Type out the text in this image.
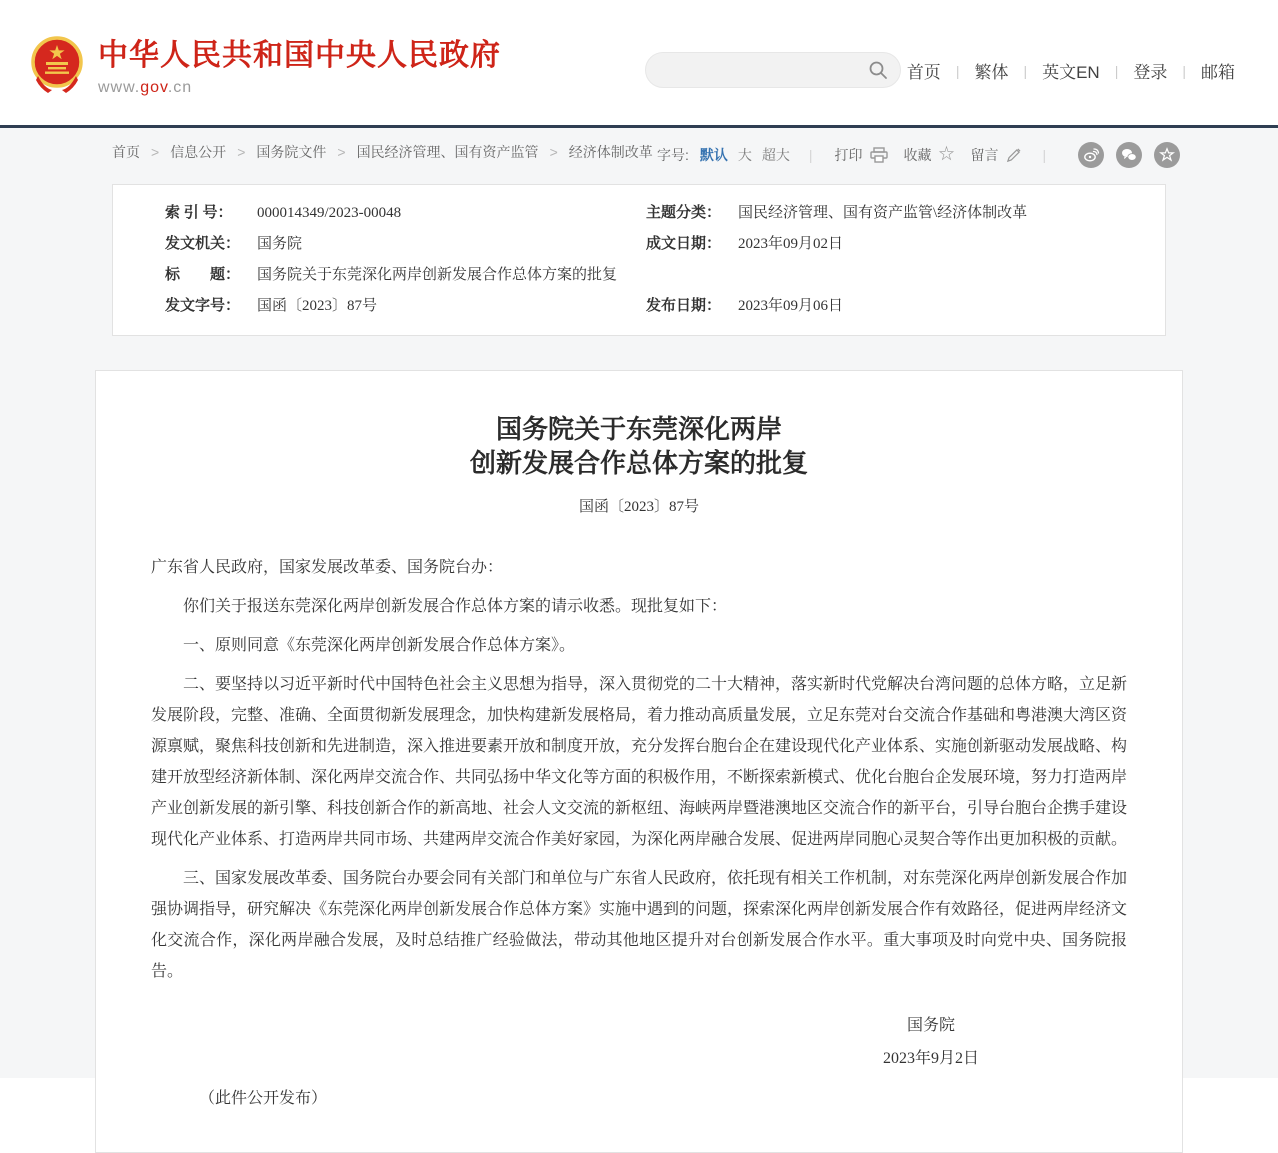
中华人民共和国中央人民政府
www.gov.cn
首页 |	繁体 |	英文EN |	登录 |	邮箱
首页 > 信息公开 > 国务院文件 > 国民经济管理、国有资产监管 > 经济体制改革 字号: 默认 大 超大 |	打印	收藏 ☆ 留言
|
索 引 号：	000014349/2023-00048	主题分类：	国民经济管理、国有资产监管\经济体制改革
发文机关：	国务院	成文日期：	2023年09月02日
标　　题：	国务院关于东莞深化两岸创新发展合作总体方案的批复
发文字号：	国函〔2023〕87号	发布日期：	2023年09月06日
国务院关于东莞深化两岸
创新发展合作总体方案的批复
国函〔2023〕87号

广东省人民政府，国家发展改革委、国务院台办：

你们关于报送东莞深化两岸创新发展合作总体方案的请示收悉。现批复如下：

一、原则同意《东莞深化两岸创新发展合作总体方案》。

二、要坚持以习近平新时代中国特色社会主义思想为指导，深入贯彻党的二十大精神，落实新时代党解决台湾问题的总体方略，立足新发展阶段，完整、准确、全面贯彻新发展理念，加快构建新发展格局，着力推动高质量发展，立足东莞对台交流合作基础和粤港澳大湾区资源禀赋，聚焦科技创新和先进制造，深入推进要素开放和制度开放，充分发挥台胞台企在建设现代化产业体系、实施创新驱动发展战略、构建开放型经济新体制、深化两岸交流合作、共同弘扬中华文化等方面的积极作用，不断探索新模式、优化台胞台企发展环境，努力打造两岸产业创新发展的新引擎、科技创新合作的新高地、社会人文交流的新枢纽、海峡两岸暨港澳地区交流合作的新平台，引导台胞台企携手建设现代化产业体系、打造两岸共同市场、共建两岸交流合作美好家园，为深化两岸融合发展、促进两岸同胞心灵契合等作出更加积极的贡献。

三、国家发展改革委、国务院台办要会同有关部门和单位与广东省人民政府，依托现有相关工作机制，对东莞深化两岸创新发展合作加强协调指导，研究解决《东莞深化两岸创新发展合作总体方案》实施中遇到的问题，探索深化两岸创新发展合作有效路径，促进两岸经济文化交流合作，深化两岸融合发展，及时总结推广经验做法，带动其他地区提升对台创新发展合作水平。重大事项及时向党中央、国务院报告。

国务院
2023年9月2日

（此件公开发布）
